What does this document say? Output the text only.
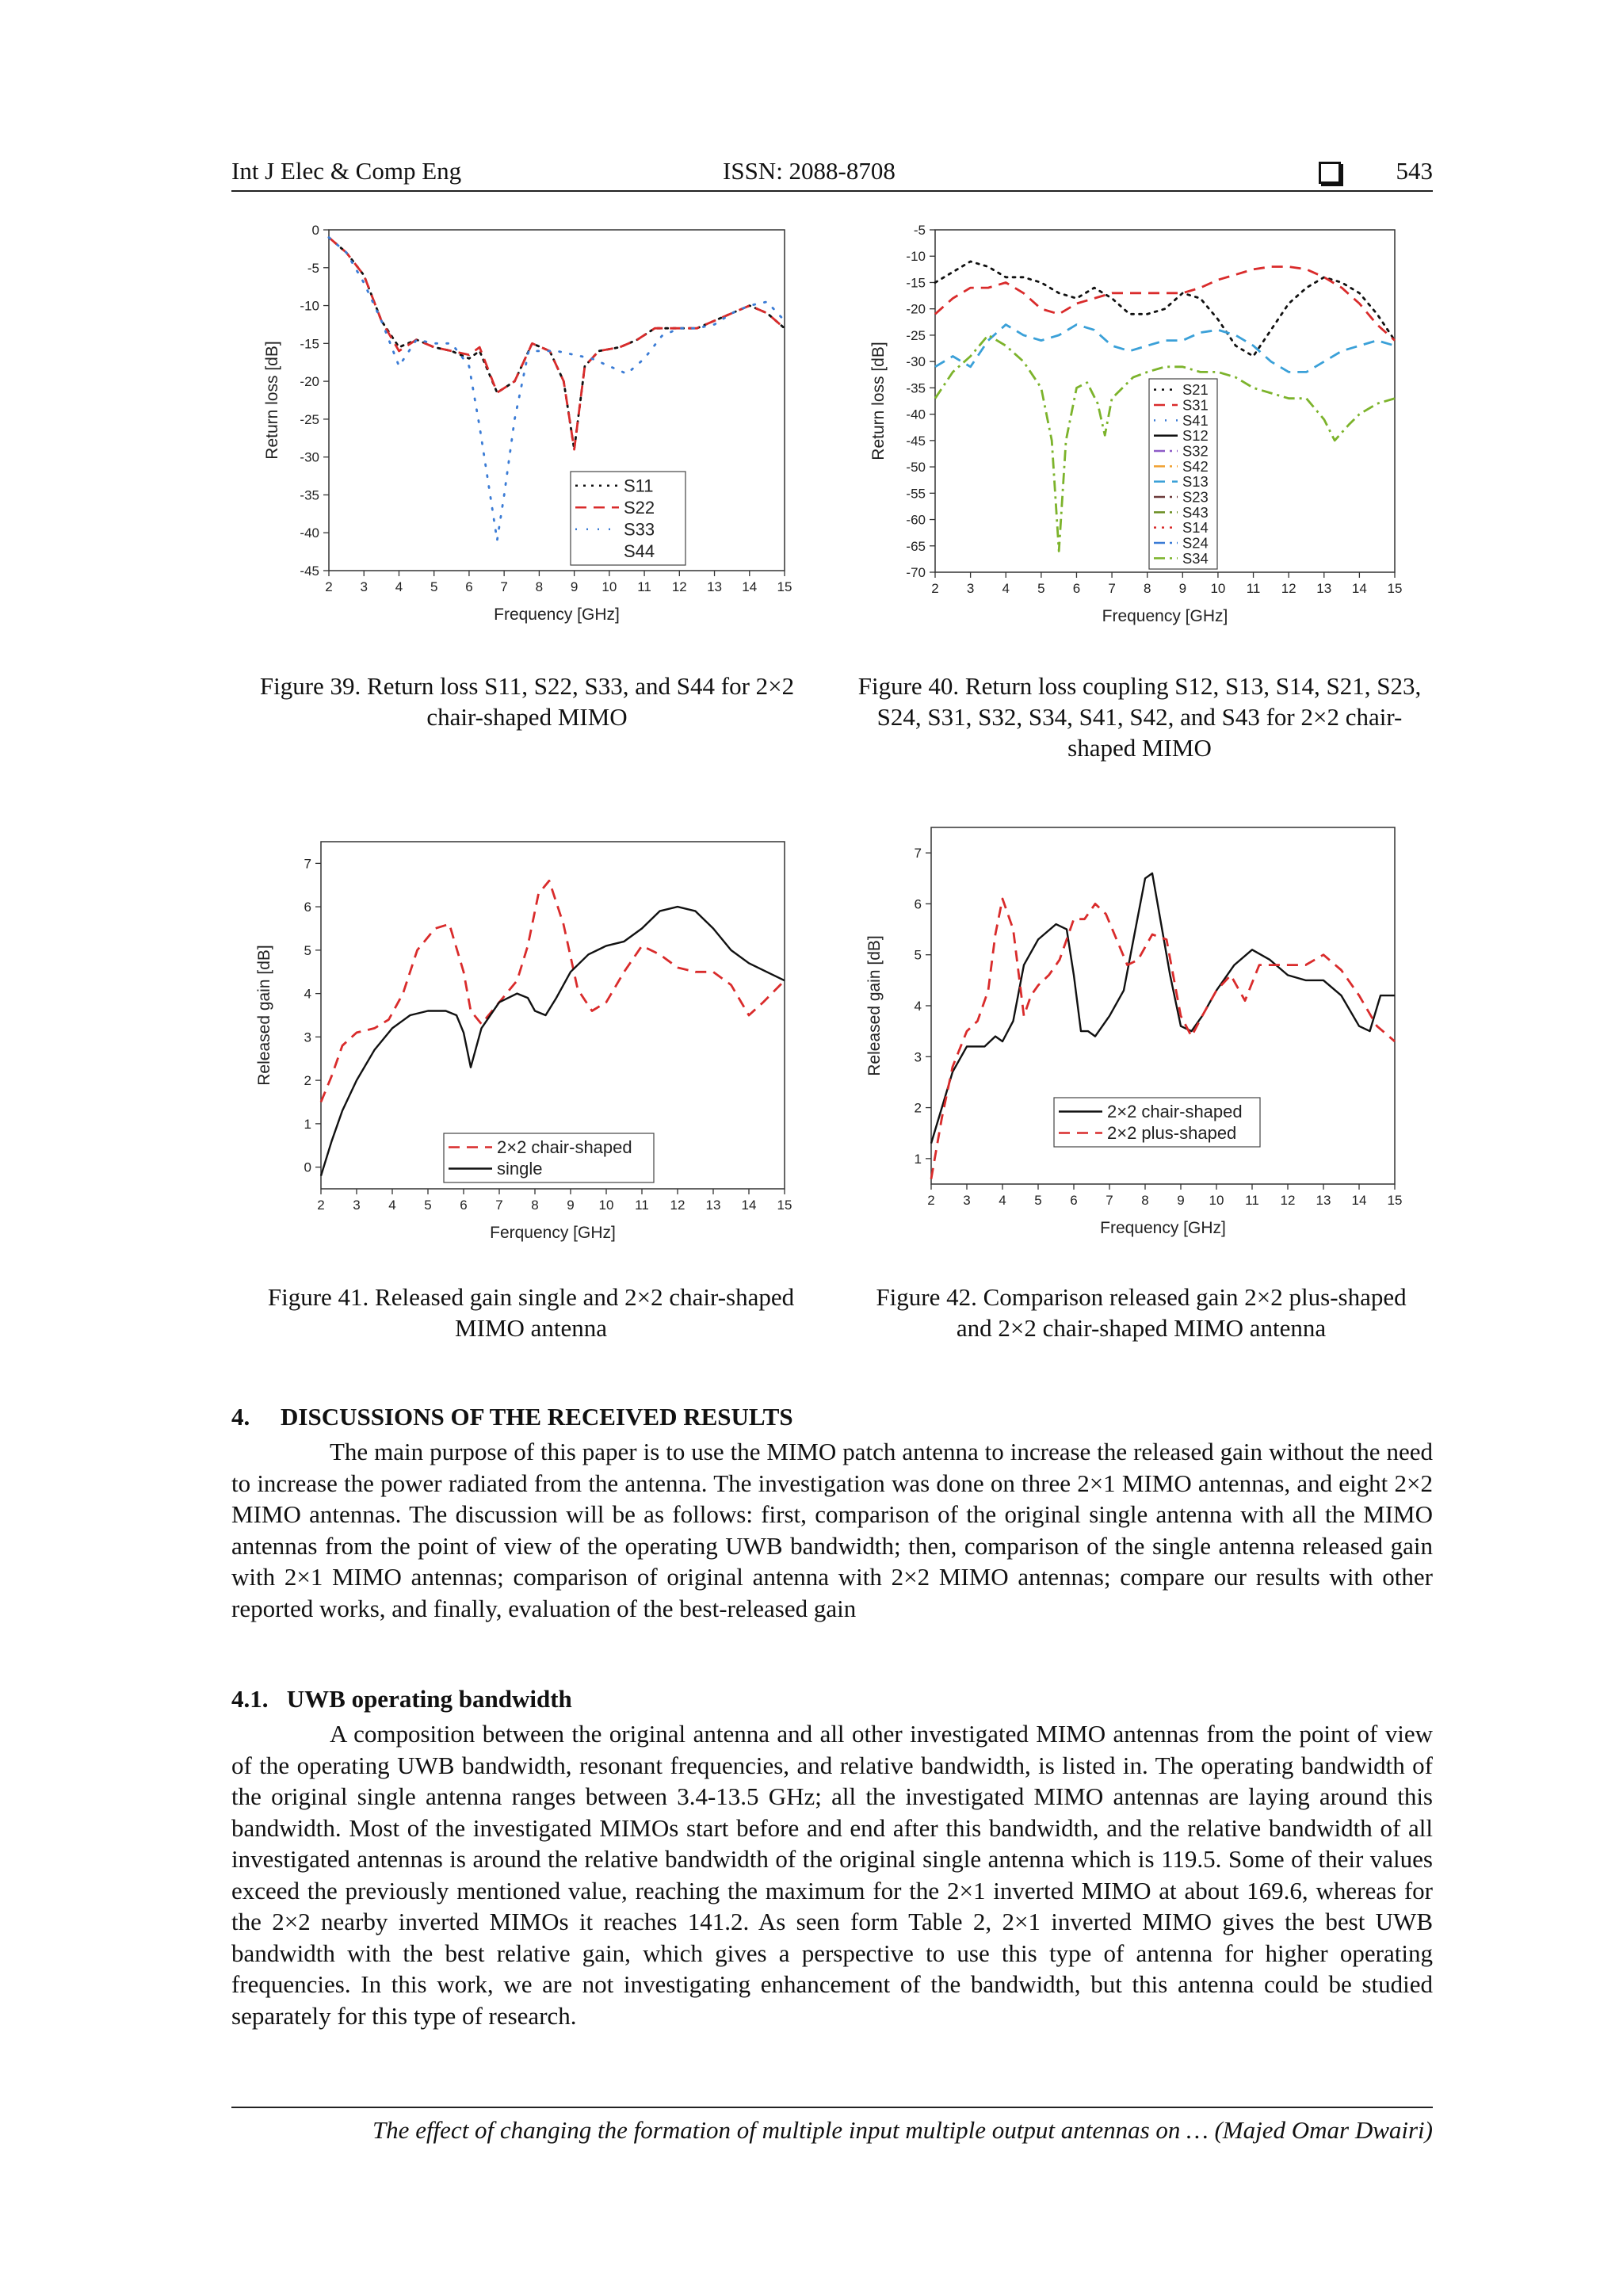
Int J Elec & Comp Eng	ISSN: 2088-8708	543
2 3 4 5 6 7 8 9 10 11 12 13 14 15
0
-5
-10
-15
-20
-25
-30
-35
-40
-45
Frequency [GHz]
Return loss [dB]
S11
S22
S33
S44
2 3 4 5 6 7 8 9 10 11 12 13 14 15
-5
-10
-15
-20
-25
-30
-35
-40
-45
-50
-55
-60
-65
-70
Frequency [GHz]
Return loss [dB]	S21
S31
S41
S12
S32
S42
S13
S23
S43
S14
S24
S34
2 3 4 5 6 7 8 9 10 11 12 13 14 15
0
1
2
3
4
5
6
7
Ferquency [GHz]
Released gain [dB]
2×2 chair-shaped
single
2 3 4 5 6 7 8 9 10 11 12 13 14 15
1
2
3
4
5
6
7
Frequency [GHz]
Released gain [dB]
2×2 chair-shaped
2×2 plus-shaped
Figure 39. Return loss S11, S22, S33, and S44 for 2×2 chair-shaped MIMO
Figure 40. Return loss coupling S12, S13, S14, S21, S23, S24, S31, S32, S34, S41, S42, and S43 for 2×2 chair-shaped MIMO
Figure 41. Released gain single and 2×2 chair-shaped MIMO antenna
Figure 42. Comparison released gain 2×2 plus-shaped and 2×2 chair-shaped MIMO antenna
4.     DISCUSSIONS OF THE RECEIVED RESULTS

The main purpose of this paper is to use the MIMO patch antenna to increase the released gain without the need to increase the power radiated from the antenna. The investigation was done on three 2×1 MIMO antennas, and eight 2×2 MIMO antennas. The discussion will be as follows: first, comparison of the original single antenna with all the MIMO antennas from the point of view of the operating UWB bandwidth; then, comparison of the single antenna released gain with 2×1 MIMO antennas; comparison of original antenna with 2×2 MIMO antennas; compare our results with other reported works, and finally, evaluation of the best-released gain

4.1.   UWB operating bandwidth

A composition between the original antenna and all other investigated MIMO antennas from the point of view of the operating UWB bandwidth, resonant frequencies, and relative bandwidth, is listed in. The operating bandwidth of the original single antenna ranges between 3.4-13.5 GHz; all the investigated MIMO antennas are laying around this bandwidth. Most of the investigated MIMOs start before and end after this bandwidth, and the relative bandwidth of all investigated antennas is around the relative bandwidth of the original single antenna which is 119.5. Some of their values exceed the previously mentioned value, reaching the maximum for the 2×1 inverted MIMO at about 169.6, whereas for the 2×2 nearby inverted MIMOs it reaches 141.2. As seen form Table 2, 2×1 inverted MIMO gives the best UWB bandwidth with the best relative gain, which gives a perspective to use this type of antenna for higher operating frequencies. In this work, we are not investigating enhancement of the bandwidth, but this antenna could be studied separately for this type of research.

The effect of changing the formation of multiple input multiple output antennas on … (Majed Omar Dwairi)
